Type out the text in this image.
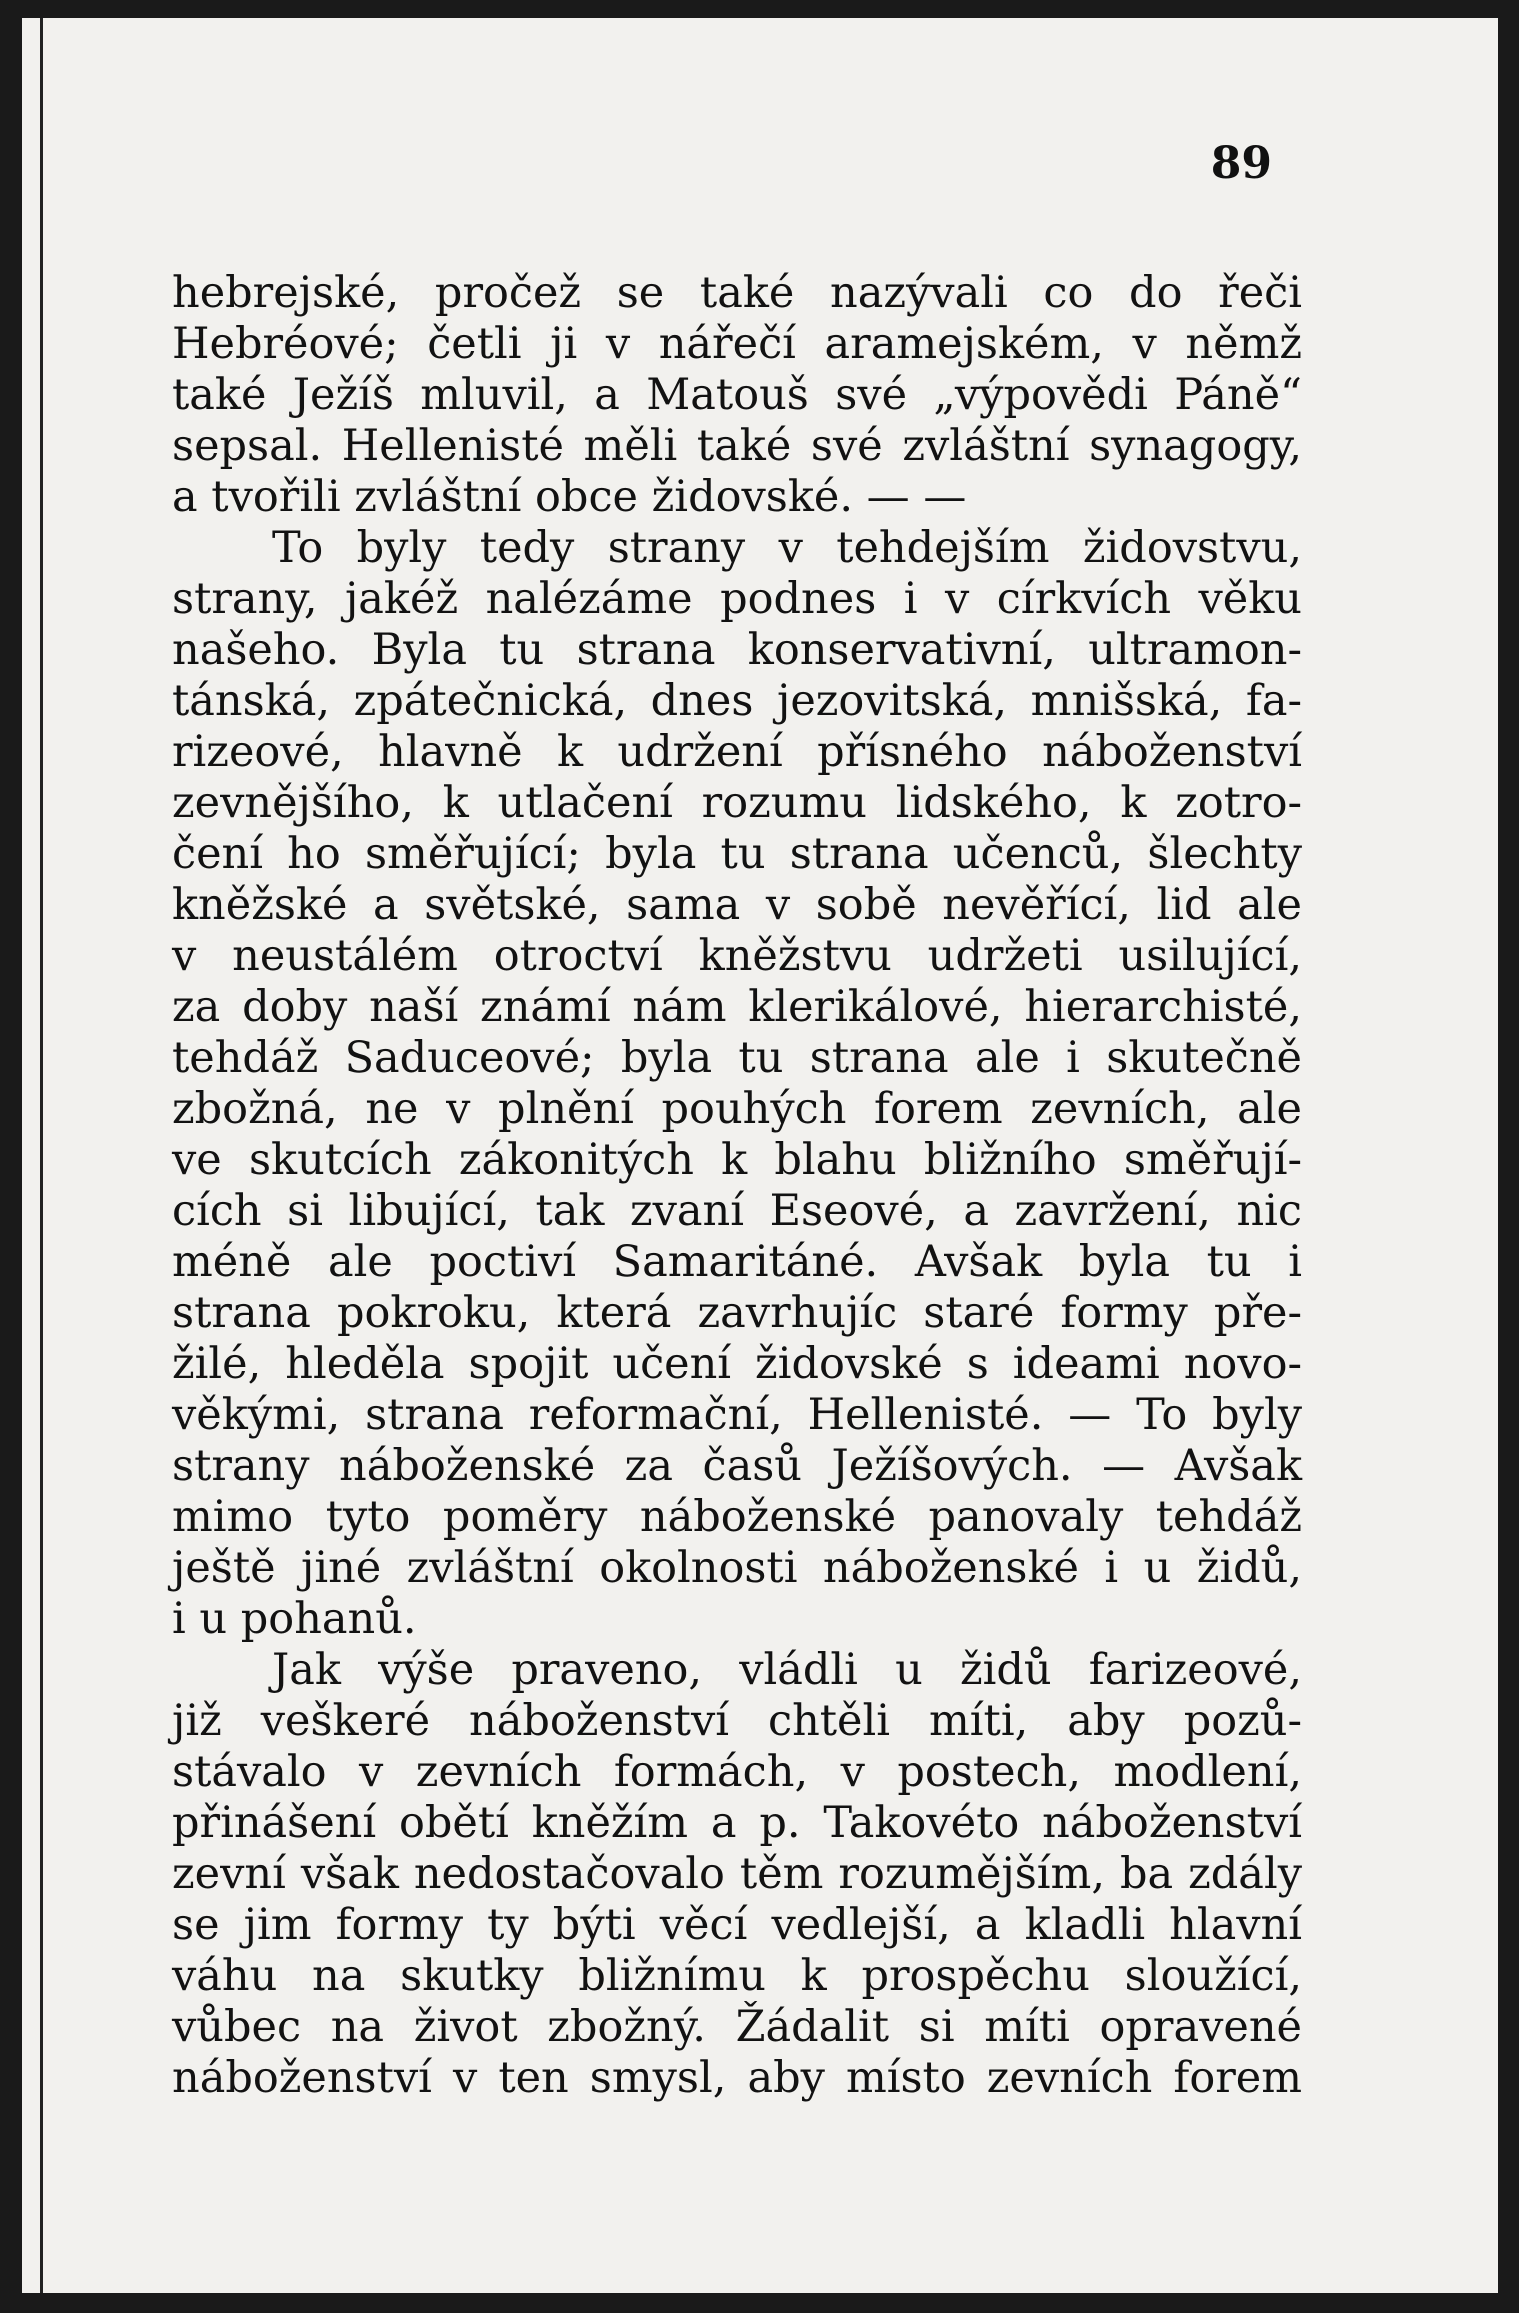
89
hebrejské, pročež se také nazývali co do řeči
Hebréové; četli ji v nářečí aramejském, v němž
také Ježíš mluvil, a Matouš své „výpovědi Páně“
sepsal. Hellenisté měli také své zvláštní synagogy,
a tvořili zvláštní obce židovské. — —
To byly tedy strany v tehdejším židovstvu,
strany, jakéž nalézáme podnes i v církvích věku
našeho. Byla tu strana konservativní, ultramon-
tánská, zpátečnická, dnes jezovitská, mnišská, fa-
rizeové, hlavně k udržení přísného náboženství
zevnějšího, k utlačení rozumu lidského, k zotro-
čení ho směřující; byla tu strana učenců, šlechty
kněžské a světské, sama v sobě nevěřící, lid ale
v neustálém otroctví kněžstvu udržeti usilující,
za doby naší známí nám klerikálové, hierarchisté,
tehdáž Saduceové; byla tu strana ale i skutečně
zbožná, ne v plnění pouhých forem zevních, ale
ve skutcích zákonitých k blahu bližního směřují-
cích si libující, tak zvaní Eseové, a zavržení, nic
méně ale poctiví Samaritáné. Avšak byla tu i
strana pokroku, která zavrhujíc staré formy pře-
žilé, hleděla spojit učení židovské s ideami novo-
věkými, strana reformační, Hellenisté. — To byly
strany náboženské za časů Ježíšových. — Avšak
mimo tyto poměry náboženské panovaly tehdáž
ještě jiné zvláštní okolnosti náboženské i u židů,
i u pohanů.
Jak výše praveno, vládli u židů farizeové,
již veškeré náboženství chtěli míti, aby pozů-
stávalo v zevních formách, v postech, modlení,
přinášení obětí kněžím a p. Takovéto náboženství
zevní však nedostačovalo těm rozumějším, ba zdály
se jim formy ty býti věcí vedlejší, a kladli hlavní
váhu na skutky bližnímu k prospěchu sloužící,
vůbec na život zbožný. Žádalit si míti opravené
náboženství v ten smysl, aby místo zevních forem
